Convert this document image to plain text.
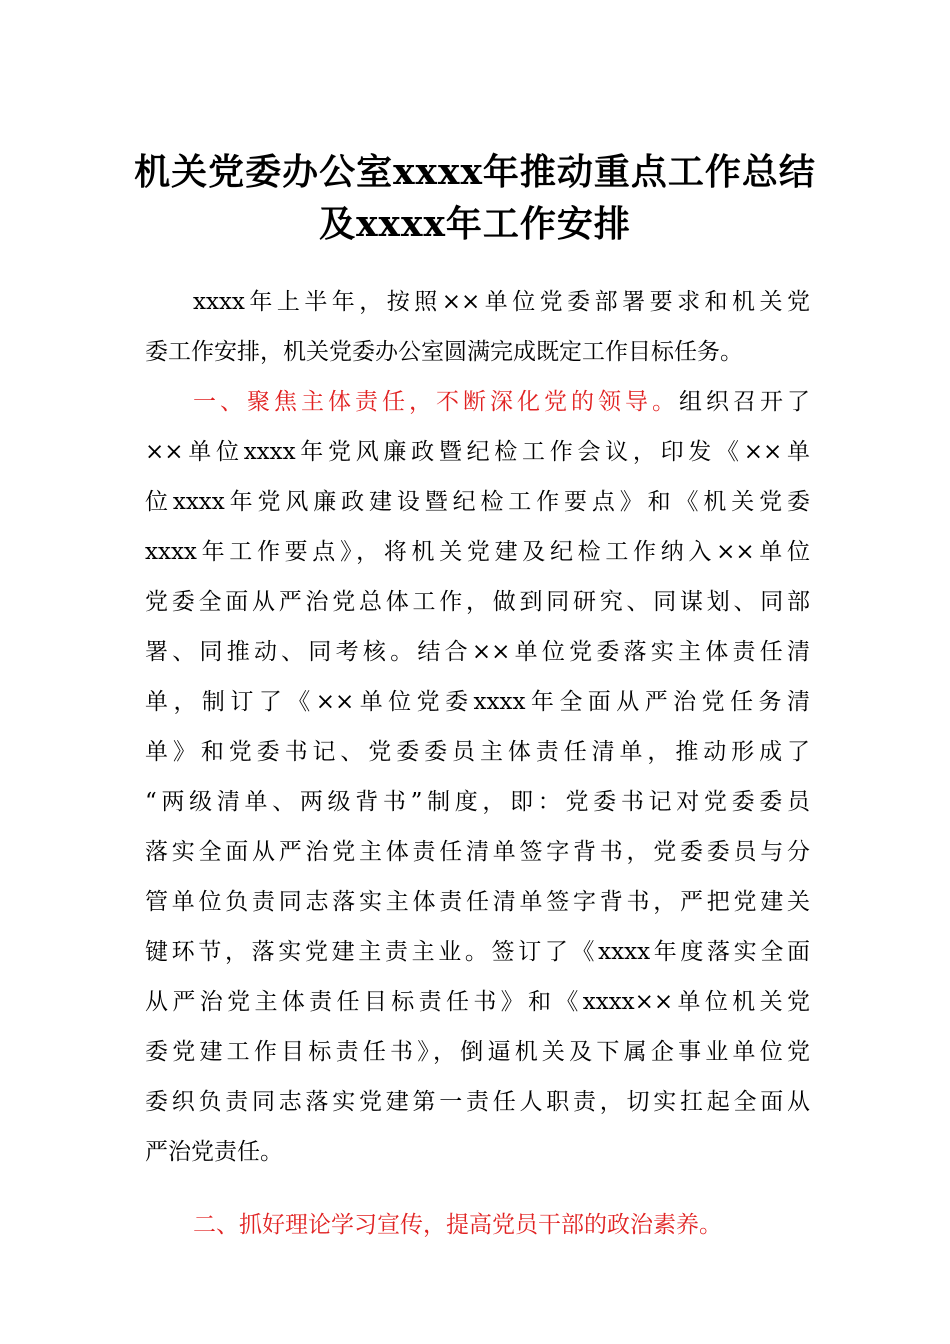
机关党委办公室xxxx年推动重点工作总结
及xxxx年工作安排
xxxx年上半年，按照××单位党委部署要求和机关党
委工作安排，机关党委办公室圆满完成既定工作目标任务。
一、聚焦主体责任，不断深化党的领导。组织召开了
××单位xxxx年党风廉政暨纪检工作会议，印发《××单
位xxxx年党风廉政建设暨纪检工作要点》和《机关党委
xxxx年工作要点》，将机关党建及纪检工作纳入××单位
党委全面从严治党总体工作，做到同研究、同谋划、同部
署、同推动、同考核。结合××单位党委落实主体责任清
单，制订了《××单位党委xxxx年全面从严治党任务清
单》和党委书记、党委委员主体责任清单，推动形成了
“两级清单、两级背书”制度，即：党委书记对党委委员
落实全面从严治党主体责任清单签字背书，党委委员与分
管单位负责同志落实主体责任清单签字背书，严把党建关
键环节，落实党建主责主业。签订了《xxxx年度落实全面
从严治党主体责任目标责任书》和《xxxx××单位机关党
委党建工作目标责任书》，倒逼机关及下属企事业单位党
委织负责同志落实党建第一责任人职责，切实扛起全面从
严治党责任。
二、抓好理论学习宣传，提高党员干部的政治素养。
